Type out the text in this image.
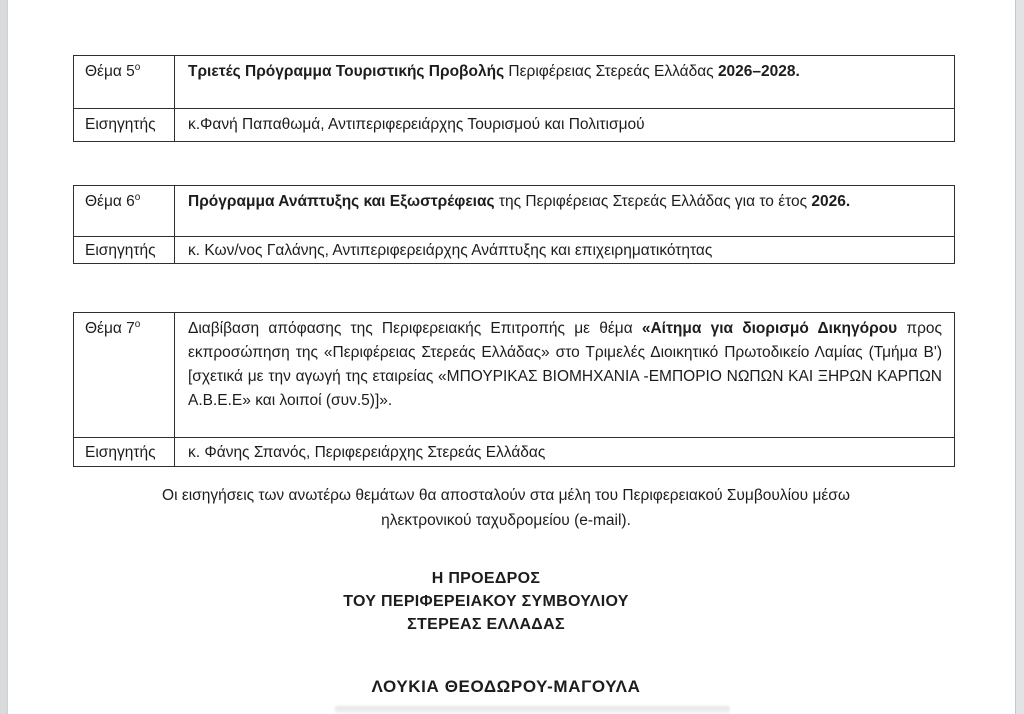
Θέμα $5^o$	Τριετές Πρόγραμμα Τουριστικής Προβολής Περιφέρειας Στερεάς Ελλάδας 2026–2028.
Εισηγητής	κ.Φανή Παπαθωμά, Αντιπεριφερειάρχης Τουρισμού και Πολιτισμού
Θέμα $6^o$	Πρόγραμμα Ανάπτυξης και Εξωστρέφειας της Περιφέρειας Στερεάς Ελλάδας για το έτος 2026.
Εισηγητής	κ. Κων/νος Γαλάνης, Αντιπεριφερειάρχης Ανάπτυξης και επιχειρηματικότητας
Θέμα $7^o$	Διαβίβαση απόφασης της Περιφερειακής Επιτροπής με θέμα «Αίτημα για διορισμό Δικηγόρου προς εκπροσώπηση της «Περιφέρειας Στερεάς Ελλάδας» στο Τριμελές Διοικητικό Πρωτοδικείο Λαμίας (Τμήμα Β') [σχετικά με την αγωγή της εταιρείας «ΜΠΟΥΡΙΚΑΣ ΒΙΟΜΗΧΑΝΙΑ -ΕΜΠΟΡΙΟ ΝΩΠΩΝ ΚΑΙ ΞΗΡΩΝ ΚΑΡΠΩΝ Α.Β.Ε.Ε» και λοιποί (συν.5)]».
Εισηγητής	κ. Φάνης Σπανός, Περιφερειάρχης Στερεάς Ελλάδας
Οι εισηγήσεις των ανωτέρω θεμάτων θα αποσταλούν στα μέλη του Περιφερειακού Συμβουλίου μέσω
ηλεκτρονικού ταχυδρομείου (e-mail).
Η ΠΡΟΕΔΡΟΣ
ΤΟΥ ΠΕΡΙΦΕΡΕΙΑΚΟΥ ΣΥΜΒΟΥΛΙΟΥ
ΣΤΕΡΕΑΣ ΕΛΛΑΔΑΣ
ΛΟΥΚΙΑ ΘΕΟΔΩΡΟΥ-ΜΑΓΟΥΛΑ
